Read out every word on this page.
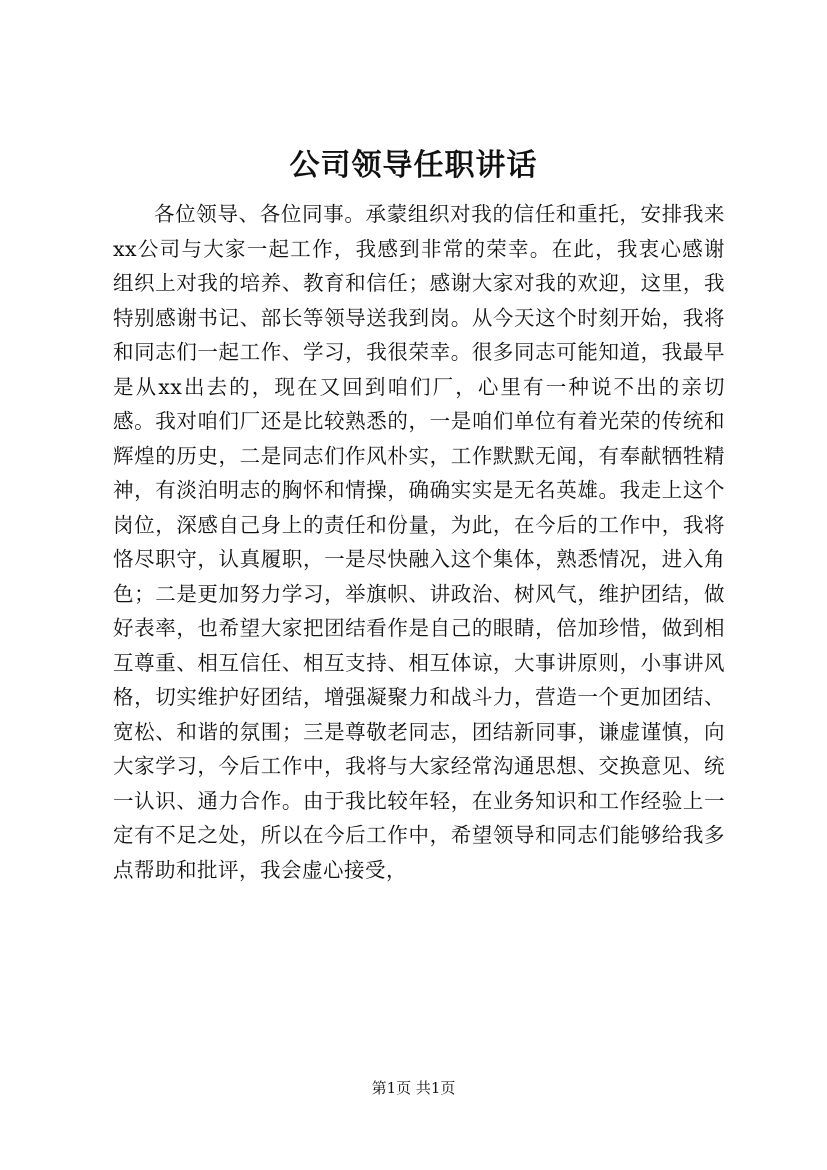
公司领导任职讲话

各位领导、各位同事。承蒙组织对我的信任和重托，安排我来xx公司与大家一起工作，我感到非常的荣幸。在此，我衷心感谢组织上对我的培养、教育和信任；感谢大家对我的欢迎，这里，我特别感谢书记、部长等领导送我到岗。从今天这个时刻开始，我将和同志们一起工作、学习，我很荣幸。很多同志可能知道，我最早是从xx出去的，现在又回到咱们厂，心里有一种说不出的亲切感。我对咱们厂还是比较熟悉的，一是咱们单位有着光荣的传统和辉煌的历史，二是同志们作风朴实，工作默默无闻，有奉献牺牲精神，有淡泊明志的胸怀和情操，确确实实是无名英雄。我走上这个岗位，深感自己身上的责任和份量，为此，在今后的工作中，我将恪尽职守，认真履职，一是尽快融入这个集体，熟悉情况，进入角色；二是更加努力学习，举旗帜、讲政治、树风气，维护团结，做好表率，也希望大家把团结看作是自己的眼睛，倍加珍惜，做到相互尊重、相互信任、相互支持、相互体谅，大事讲原则，小事讲风格，切实维护好团结，增强凝聚力和战斗力，营造一个更加团结、宽松、和谐的氛围；三是尊敬老同志，团结新同事，谦虚谨慎，向大家学习，今后工作中，我将与大家经常沟通思想、交换意见、统一认识、通力合作。由于我比较年轻，在业务知识和工作经验上一定有不足之处，所以在今后工作中，希望领导和同志们能够给我多点帮助和批评，我会虚心接受，

第1页 共1页
